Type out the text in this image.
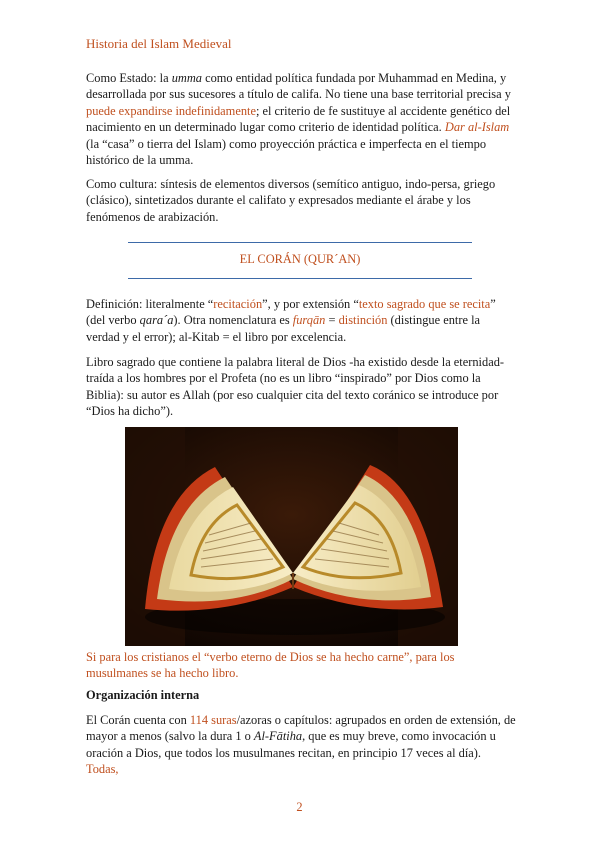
Historia del Islam Medieval
Como Estado: la umma como entidad política fundada por Muhammad en Medina, y desarrollada por sus sucesores a título de califa. No tiene una base territorial precisa y puede expandirse indefinidamente; el criterio de fe sustituye al accidente genético del nacimiento en un determinado lugar como criterio de identidad política. Dar al-Islam (la “casa” o tierra del Islam) como proyección práctica e imperfecta en el tiempo histórico de la umma.
Como cultura: síntesis de elementos diversos (semítico antiguo, indo-persa, griego (clásico), sintetizados durante el califato y expresados mediante el árabe y los fenómenos de arabización.
EL CORÁN (QUR´AN)
Definición: literalmente “recitación”, y por extensión “texto sagrado que se recita” (del verbo qara´a). Otra nomenclatura es furqān = distinción (distingue entre la verdad y el error); al-Kitab = el libro por excelencia.
Libro sagrado que contiene la palabra literal de Dios -ha existido desde la eternidad- traída a los hombres por el Profeta (no es un libro “inspirado” por Dios como la Biblia): su autor es Allah (por eso cualquier cita del texto coránico se introduce por “Dios ha dicho”).
Si para los cristianos el “verbo eterno de Dios se ha hecho carne”, para los musulmanes se ha hecho libro.
Organización interna
El Corán cuenta con 114 suras/azoras o capítulos: agrupados en orden de extensión, de mayor a menos (salvo la dura 1 o Al-Fātiha, que es muy breve, como invocación u oración a Dios, que todos los musulmanes recitan, en principio 17 veces al día). Todas,
2
